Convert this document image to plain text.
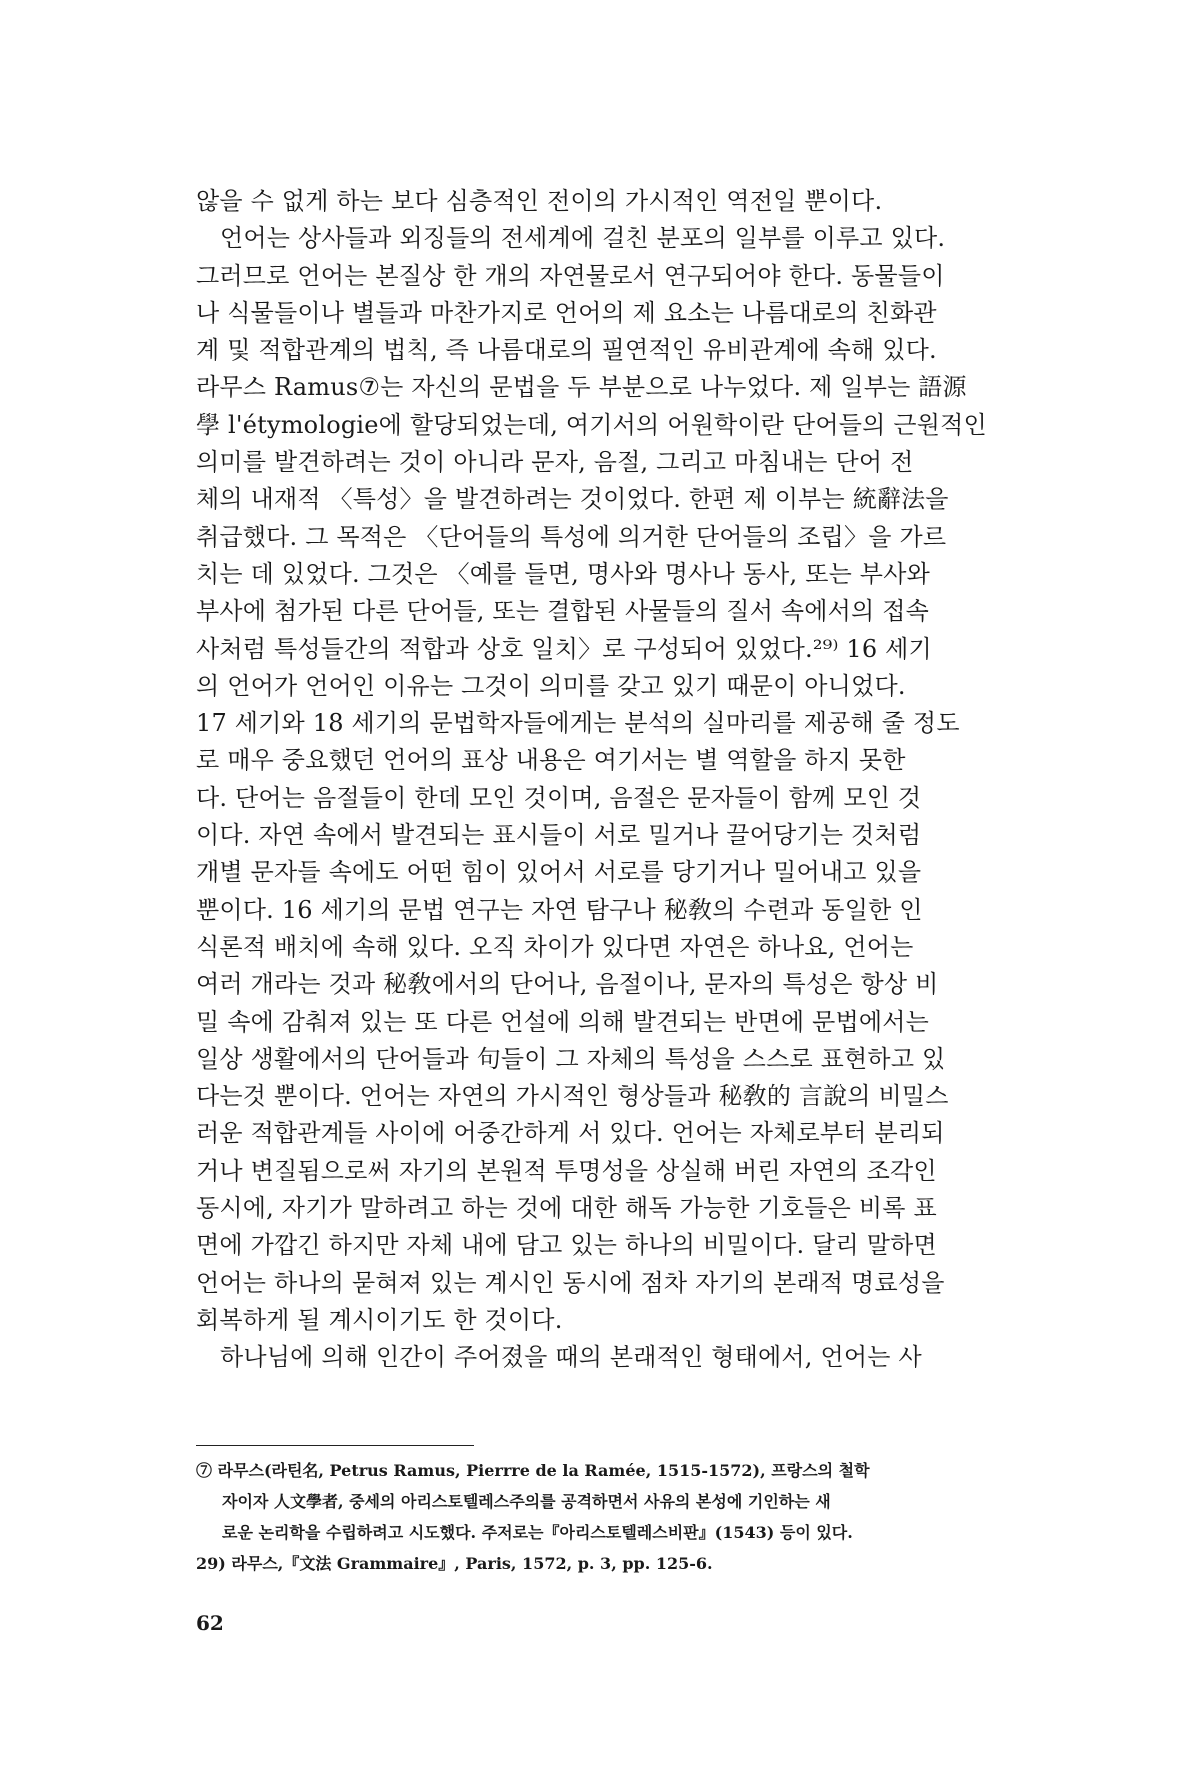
않을 수 없게 하는 보다 심층적인 전이의 가시적인 역전일 뿐이다.
언어는 상사들과 외징들의 전세계에 걸친 분포의 일부를 이루고 있다.
그러므로 언어는 본질상 한 개의 자연물로서 연구되어야 한다. 동물들이
나 식물들이나 별들과 마찬가지로 언어의 제 요소는 나름대로의 친화관
계 및 적합관계의 법칙, 즉 나름대로의 필연적인 유비관계에 속해 있다.
라무스 Ramus⑦는 자신의 문법을 두 부분으로 나누었다. 제 일부는 語源
學 l'étymologie에 할당되었는데, 여기서의 어원학이란 단어들의 근원적인
의미를 발견하려는 것이 아니라 문자, 음절, 그리고 마침내는 단어 전
체의 내재적 〈특성〉을 발견하려는 것이었다. 한편 제 이부는 統辭法을
취급했다. 그 목적은 〈단어들의 특성에 의거한 단어들의 조립〉을 가르
치는 데 있었다. 그것은 〈예를 들면, 명사와 명사나 동사, 또는 부사와
부사에 첨가된 다른 단어들, 또는 결합된 사물들의 질서 속에서의 접속
사처럼 특성들간의 적합과 상호 일치〉로 구성되어 있었다.²⁹⁾ 16 세기
의 언어가 언어인 이유는 그것이 의미를 갖고 있기 때문이 아니었다.
17 세기와 18 세기의 문법학자들에게는 분석의 실마리를 제공해 줄 정도
로 매우 중요했던 언어의 표상 내용은 여기서는 별 역할을 하지 못한
다. 단어는 음절들이 한데 모인 것이며, 음절은 문자들이 함께 모인 것
이다. 자연 속에서 발견되는 표시들이 서로 밀거나 끌어당기는 것처럼
개별 문자들 속에도 어떤 힘이 있어서 서로를 당기거나 밀어내고 있을
뿐이다. 16 세기의 문법 연구는 자연 탐구나 秘敎의 수련과 동일한 인
식론적 배치에 속해 있다. 오직 차이가 있다면 자연은 하나요, 언어는
여러 개라는 것과 秘敎에서의 단어나, 음절이나, 문자의 특성은 항상 비
밀 속에 감춰져 있는 또 다른 언설에 의해 발견되는 반면에 문법에서는
일상 생활에서의 단어들과 句들이 그 자체의 특성을 스스로 표현하고 있
다는것 뿐이다. 언어는 자연의 가시적인 형상들과 秘敎的 言說의 비밀스
러운 적합관계들 사이에 어중간하게 서 있다. 언어는 자체로부터 분리되
거나 변질됨으로써 자기의 본원적 투명성을 상실해 버린 자연의 조각인
동시에, 자기가 말하려고 하는 것에 대한 해독 가능한 기호들은 비록 표
면에 가깝긴 하지만 자체 내에 담고 있는 하나의 비밀이다. 달리 말하면
언어는 하나의 묻혀져 있는 계시인 동시에 점차 자기의 본래적 명료성을
회복하게 될 계시이기도 한 것이다.
하나님에 의해 인간이 주어졌을 때의 본래적인 형태에서, 언어는 사
⑦ 라무스(라틴名, Petrus Ramus, Pierrre de la Ramée, 1515-1572), 프랑스의 철학
자이자 人文學者, 중세의 아리스토텔레스주의를 공격하면서 사유의 본성에 기인하는 새
로운 논리학을 수립하려고 시도했다. 주저로는『아리스토텔레스비판』(1543) 등이 있다.
29) 라무스,『文法 Grammaire』, Paris, 1572, p. 3, pp. 125-6.
62
